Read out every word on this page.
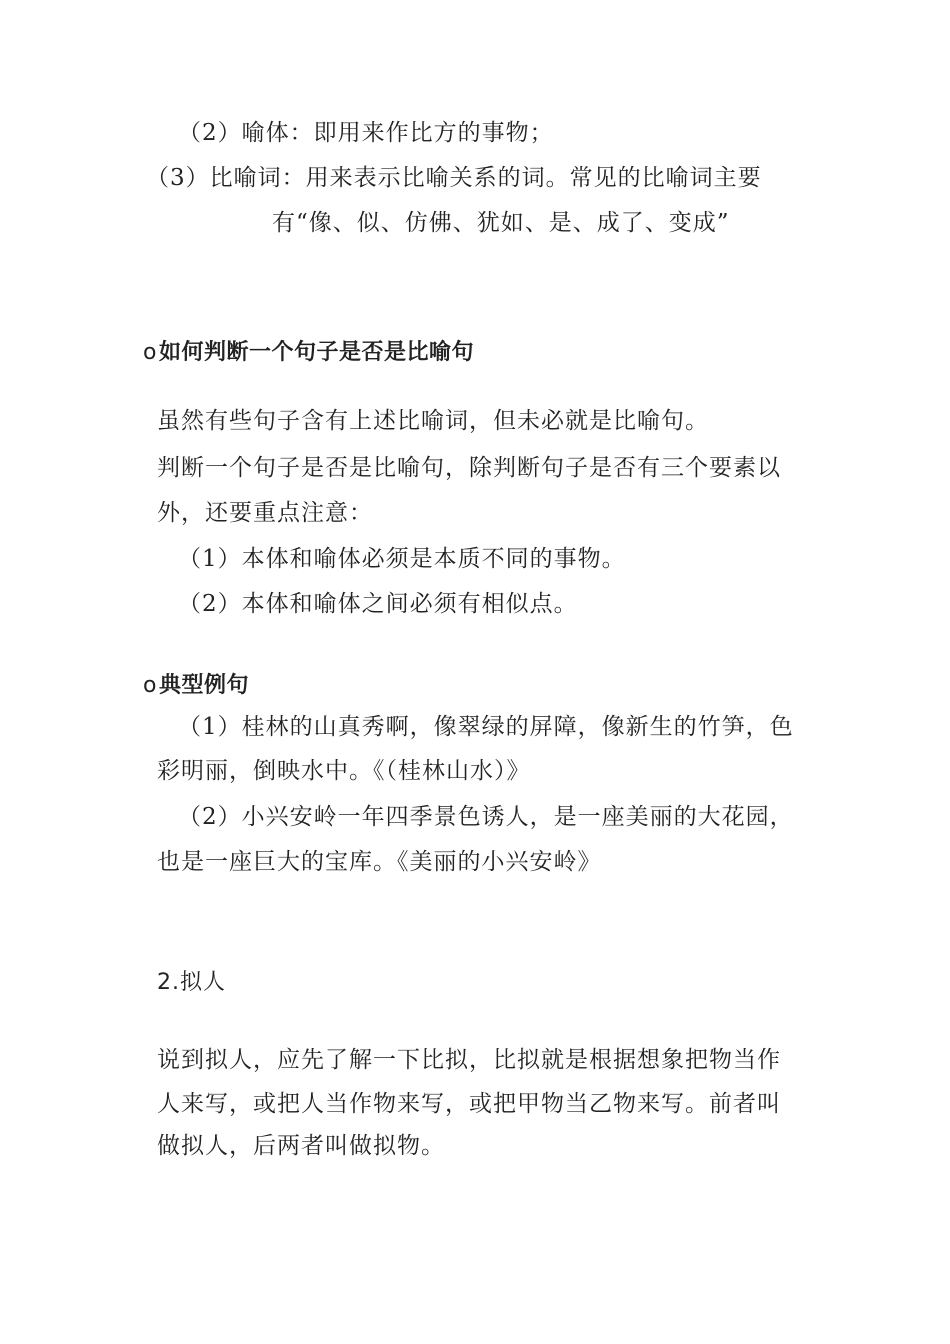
（2）喻体：即用来作比方的事物；
（3）比喻词：用来表示比喻关系的词。常见的比喻词主要
有“像、似、仿佛、犹如、是、成了、变成”
o如何判断一个句子是否是比喻句
虽然有些句子含有上述比喻词，但未必就是比喻句。
判断一个句子是否是比喻句，除判断句子是否有三个要素以
外，还要重点注意：
（1）本体和喻体必须是本质不同的事物。
（2）本体和喻体之间必须有相似点。
o典型例句
（1）桂林的山真秀啊，像翠绿的屏障，像新生的竹笋，色
彩明丽，倒映水中。《（桂林山水）》
（2）小兴安岭一年四季景色诱人，是一座美丽的大花园，
也是一座巨大的宝库。《美丽的小兴安岭》
2.拟人
说到拟人，应先了解一下比拟，比拟就是根据想象把物当作
人来写，或把人当作物来写，或把甲物当乙物来写。前者叫
做拟人，后两者叫做拟物。
